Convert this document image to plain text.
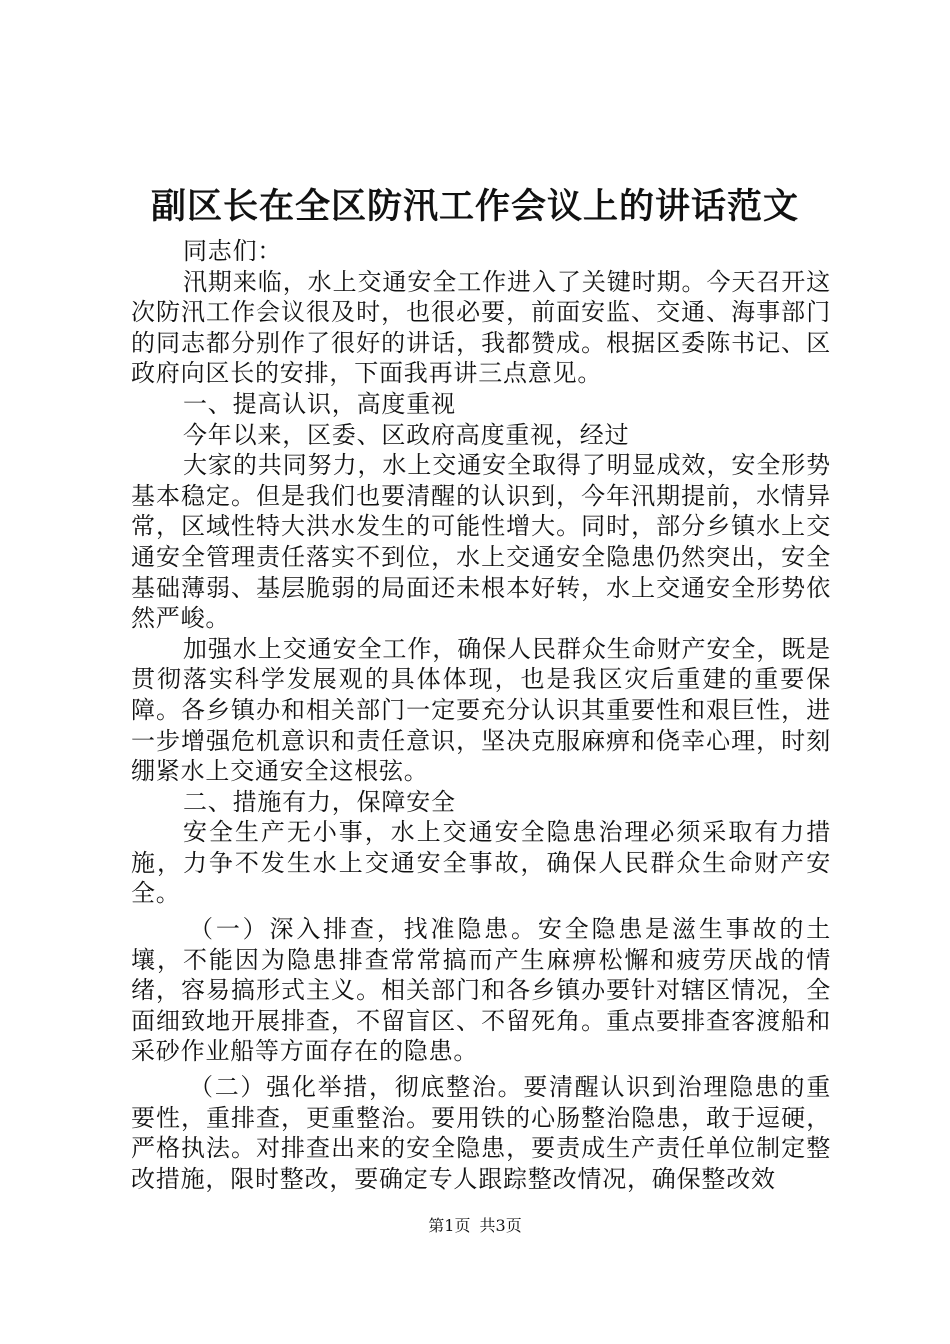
副区长在全区防汛工作会议上的讲话范文

同志们：

汛期来临，水上交通安全工作进入了关键时期。今天召开这次防汛工作会议很及时，也很必要，前面安监、交通、海事部门的同志都分别作了很好的讲话，我都赞成。根据区委陈书记、区政府向区长的安排，下面我再讲三点意见。

一、提高认识，高度重视

今年以来，区委、区政府高度重视，经过

大家的共同努力，水上交通安全取得了明显成效，安全形势基本稳定。但是我们也要清醒的认识到，今年汛期提前，水情异常，区域性特大洪水发生的可能性增大。同时，部分乡镇水上交通安全管理责任落实不到位，水上交通安全隐患仍然突出，安全基础薄弱、基层脆弱的局面还未根本好转，水上交通安全形势依然严峻。

加强水上交通安全工作，确保人民群众生命财产安全，既是贯彻落实科学发展观的具体体现，也是我区灾后重建的重要保障。各乡镇办和相关部门一定要充分认识其重要性和艰巨性，进一步增强危机意识和责任意识，坚决克服麻痹和侥幸心理，时刻绷紧水上交通安全这根弦。

二、措施有力，保障安全

安全生产无小事，水上交通安全隐患治理必须采取有力措施，力争不发生水上交通安全事故，确保人民群众生命财产安全。

（一）深入排查，找准隐患。安全隐患是滋生事故的土壤，不能因为隐患排查常常搞而产生麻痹松懈和疲劳厌战的情绪，容易搞形式主义。相关部门和各乡镇办要针对辖区情况，全面细致地开展排查，不留盲区、不留死角。重点要排查客渡船和采砂作业船等方面存在的隐患。

（二）强化举措，彻底整治。要清醒认识到治理隐患的重要性，重排查，更重整治。要用铁的心肠整治隐患，敢于逗硬，严格执法。对排查出来的安全隐患，要责成生产责任单位制定整改措施，限时整改，要确定专人跟踪整改情况，确保整改效

第1页 共3页
